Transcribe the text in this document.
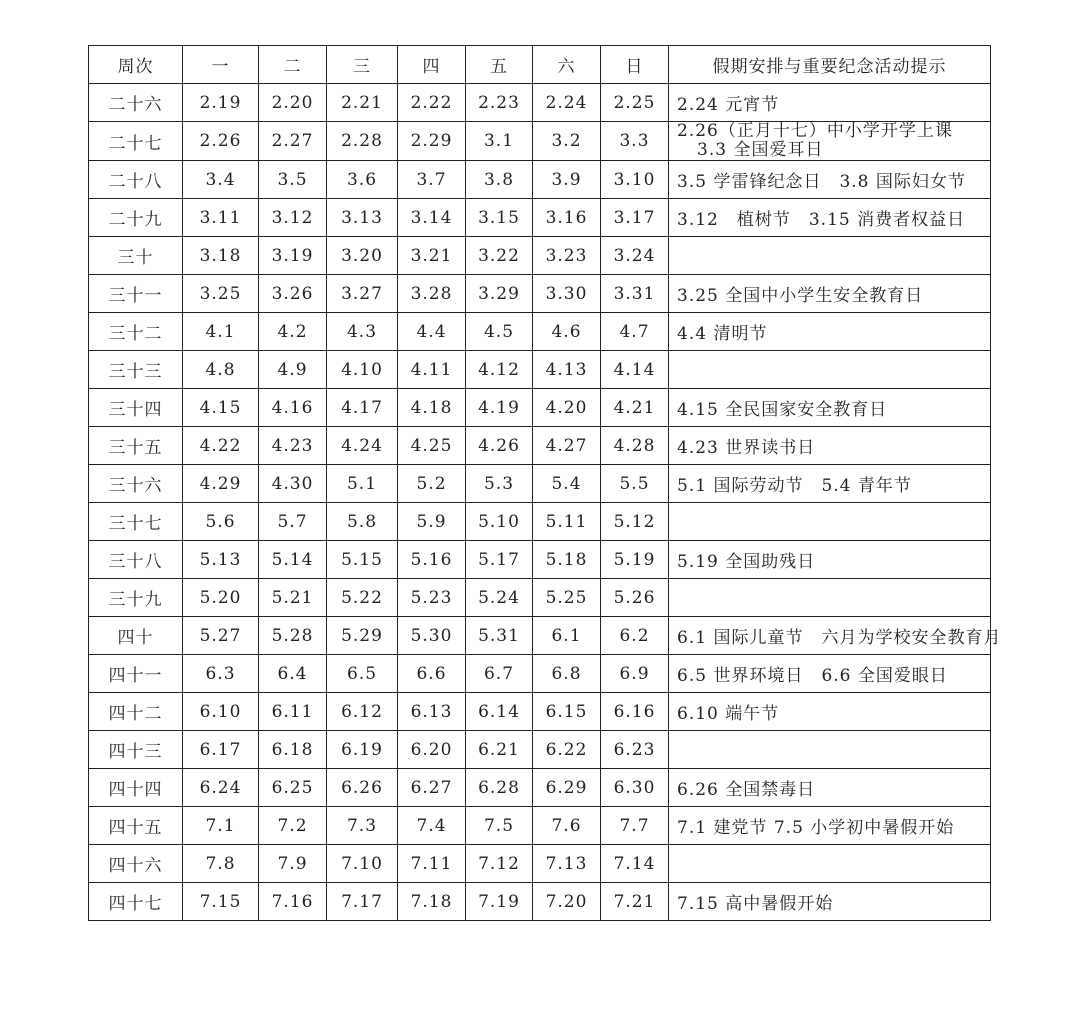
周次	一	二	三	四	五	六	日	假期安排与重要纪念活动提示
二十六	2.19	2.20	2.21	2.22	2.23	2.24	2.25	2.24 元宵节
二十七	2.26	2.27	2.28	2.29	3.1	3.2	3.3	2.26（正月十七）中小学开学上课
3.3 全国爱耳日

二十八	3.4	3.5	3.6	3.7	3.8	3.9	3.10	3.5 学雷锋纪念日　3.8 国际妇女节
二十九	3.11	3.12	3.13	3.14	3.15	3.16	3.17	3.12　植树节　3.15 消费者权益日
三十	3.18	3.19	3.20	3.21	3.22	3.23	3.24	
三十一	3.25	3.26	3.27	3.28	3.29	3.30	3.31	3.25 全国中小学生安全教育日
三十二	4.1	4.2	4.3	4.4	4.5	4.6	4.7	4.4 清明节
三十三	4.8	4.9	4.10	4.11	4.12	4.13	4.14	
三十四	4.15	4.16	4.17	4.18	4.19	4.20	4.21	4.15 全民国家安全教育日
三十五	4.22	4.23	4.24	4.25	4.26	4.27	4.28	4.23 世界读书日
三十六	4.29	4.30	5.1	5.2	5.3	5.4	5.5	5.1 国际劳动节　5.4 青年节
三十七	5.6	5.7	5.8	5.9	5.10	5.11	5.12	
三十八	5.13	5.14	5.15	5.16	5.17	5.18	5.19	5.19 全国助残日
三十九	5.20	5.21	5.22	5.23	5.24	5.25	5.26	
四十	5.27	5.28	5.29	5.30	5.31	6.1	6.2	6.1 国际儿童节　六月为学校安全教育月
四十一	6.3	6.4	6.5	6.6	6.7	6.8	6.9	6.5 世界环境日　6.6 全国爱眼日
四十二	6.10	6.11	6.12	6.13	6.14	6.15	6.16	6.10 端午节
四十三	6.17	6.18	6.19	6.20	6.21	6.22	6.23	
四十四	6.24	6.25	6.26	6.27	6.28	6.29	6.30	6.26 全国禁毒日
四十五	7.1	7.2	7.3	7.4	7.5	7.6	7.7	7.1 建党节 7.5 小学初中暑假开始
四十六	7.8	7.9	7.10	7.11	7.12	7.13	7.14	
四十七	7.15	7.16	7.17	7.18	7.19	7.20	7.21	7.15 高中暑假开始
